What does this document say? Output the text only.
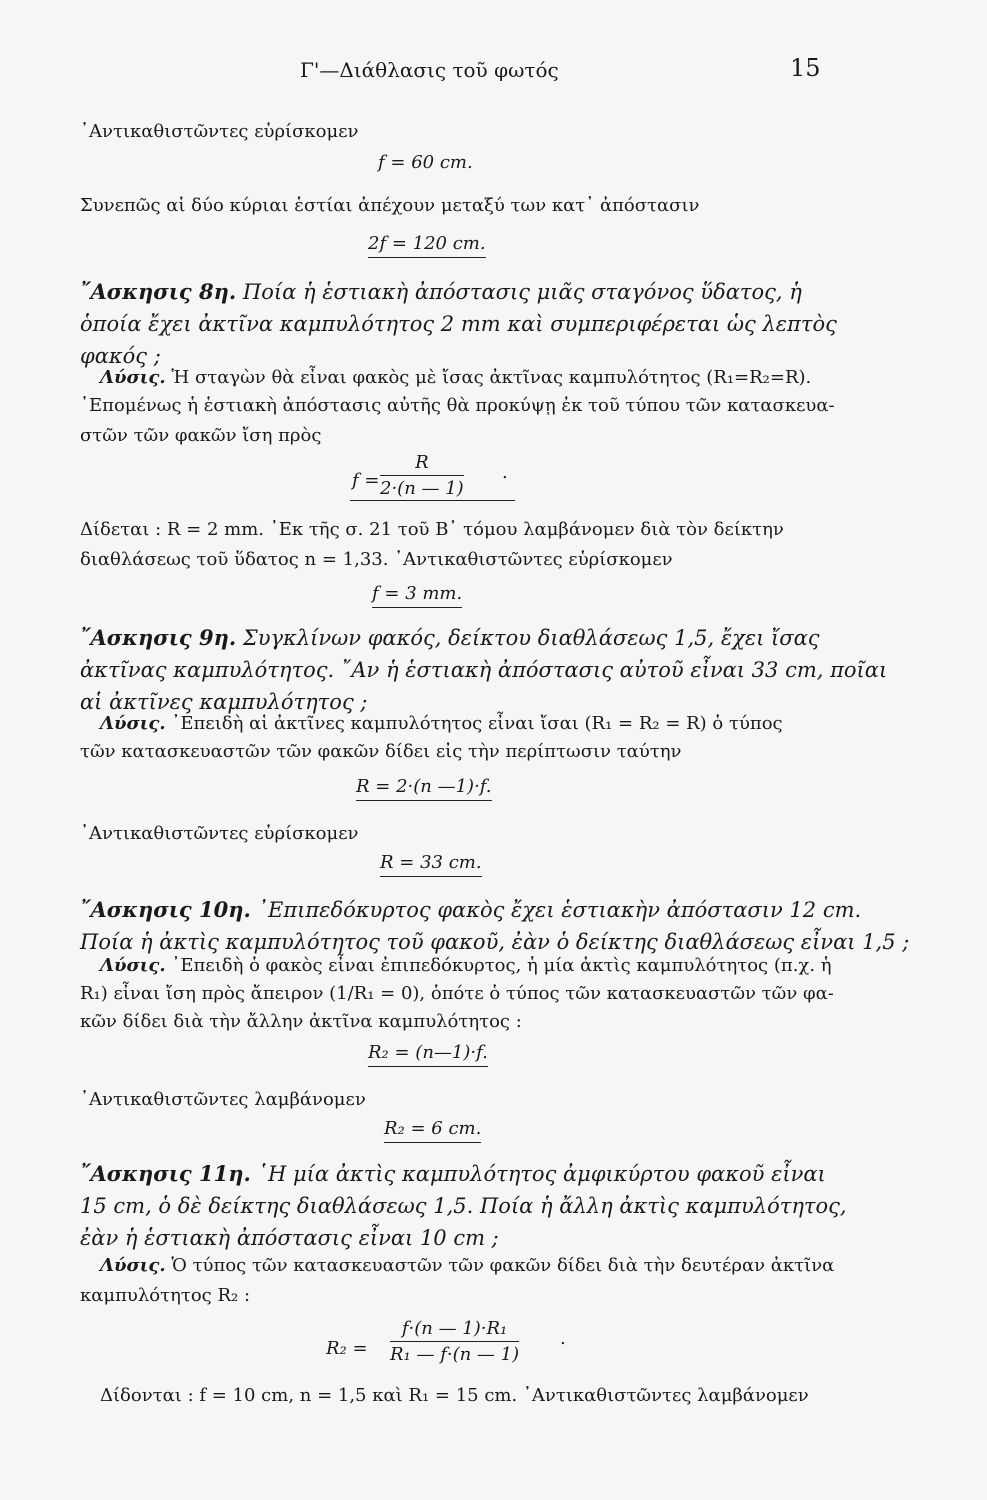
Γ'—Διάθλασις τοῦ φωτός	15
᾿Αντικαθιστῶντες εὑρίσκομεν
f = 60 cm.
Συνεπῶς αἱ δύο κύριαι ἑστίαι ἀπέχουν μεταξύ των κατ᾽ ἀπόστασιν
2f = 120 cm.
῎Ασκησις 8η. Ποία ἡ ἑστιακὴ ἀπόστασις μιᾶς σταγόνος ὕδατος, ἡ
ὁποία ἔχει ἀκτῖνα καμπυλότητος 2 mm καὶ συμπεριφέρεται ὡς λεπτὸς
φακός ;
Λύσις. Ἡ σταγὼν θὰ εἶναι φακὸς μὲ ἴσας ἀκτῖνας καμπυλότητος (R₁=R₂=R).
῾Επομένως ἡ ἑστιακὴ ἀπόστασις αὐτῆς θὰ προκύψῃ ἐκ τοῦ τύπου τῶν κατασκευα-
στῶν τῶν φακῶν ἴση πρὸς
$f = \frac{R}{2\cdot(n — 1)}$ .
Δίδεται : R = 2 mm. ᾿Εκ τῆς σ. 21 τοῦ Β᾽ τόμου λαμβάνομεν διὰ τὸν δείκτην
διαθλάσεως τοῦ ὕδατος n = 1,33. ᾿Αντικαθιστῶντες εὑρίσκομεν
f = 3 mm.
῎Ασκησις 9η. Συγκλίνων φακός, δείκτου διαθλάσεως 1,5, ἔχει ἴσας
ἀκτῖνας καμπυλότητος. ῎Αν ἡ ἑστιακὴ ἀπόστασις αὐτοῦ εἶναι 33 cm, ποῖαι
αἱ ἀκτῖνες καμπυλότητος ;
Λύσις. ᾿Επειδὴ αἱ ἀκτῖνες καμπυλότητος εἶναι ἴσαι (R₁ = R₂ = R) ὁ τύπος
τῶν κατασκευαστῶν τῶν φακῶν δίδει εἰς τὴν περίπτωσιν ταύτην
R = 2·(n —1)·f.
᾿Αντικαθιστῶντες εὑρίσκομεν
R = 33 cm.
῎Ασκησις 10η. ᾿Επιπεδόκυρτος φακὸς ἔχει ἑστιακὴν ἀπόστασιν 12 cm.
Ποία ἡ ἀκτὶς καμπυλότητος τοῦ φακοῦ, ἐὰν ὁ δείκτης διαθλάσεως εἶναι 1,5 ;
Λύσις. ᾿Επειδὴ ὁ φακὸς εἶναι ἐπιπεδόκυρτος, ἡ μία ἀκτὶς καμπυλότητος (π.χ. ἡ
R₁) εἶναι ἴση πρὸς ἄπειρον (1/R₁ = 0), ὁπότε ὁ τύπος τῶν κατασκευαστῶν τῶν φα-
κῶν δίδει διὰ τὴν ἄλλην ἀκτῖνα καμπυλότητος :
R₂ = (n—1)·f.
᾿Αντικαθιστῶντες λαμβάνομεν
R₂ = 6 cm.
῎Ασκησις 11η. ῾Η μία ἀκτὶς καμπυλότητος ἀμφικύρτου φακοῦ εἶναι
15 cm, ὁ δὲ δείκτης διαθλάσεως 1,5. Ποία ἡ ἄλλη ἀκτὶς καμπυλότητος,
ἐὰν ἡ ἑστιακὴ ἀπόστασις εἶναι 10 cm ;
Λύσις. Ὁ τύπος τῶν κατασκευαστῶν τῶν φακῶν δίδει διὰ τὴν δευτέραν ἀκτῖνα
καμπυλότητος R₂ :
$R_2 = \frac{\text{f·(n — 1)·R₁}}{\text{R₁ — f·(n — 1)}}$ .
Δίδονται : f = 10 cm, n = 1,5 καὶ R₁ = 15 cm. ᾿Αντικαθιστῶντες λαμβάνομεν
